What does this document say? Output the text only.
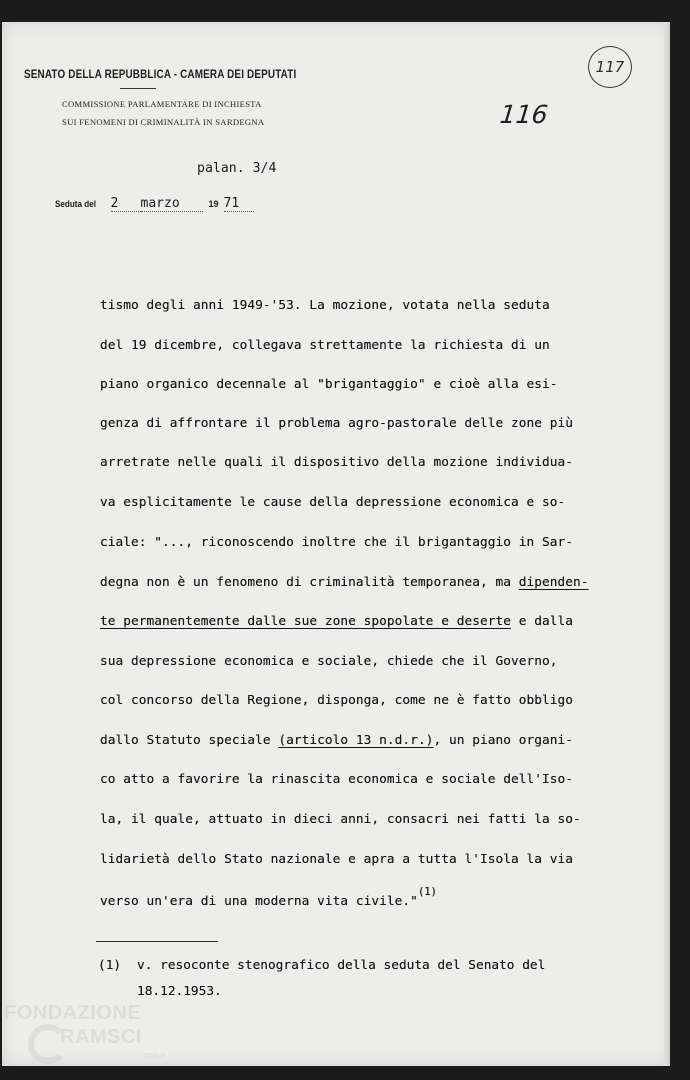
SENATO DELLA REPUBBLICA - CAMERA DEI DEPUTATI
COMMISSIONE PARLAMENTARE DI INCHIESTA
SUI FENOMENI DI CRIMINALITÀ IN SARDEGNA
117
116
palan. 3/4
Seduta del 2	marzo	19 71
tismo degli anni 1949-'53. La mozione, votata nella seduta
del 19 dicembre, collegava strettamente la richiesta di un
piano organico decennale al "brigantaggio" e cioè alla esi-
genza di affrontare il problema agro-pastorale delle zone più
arretrate nelle quali il dispositivo della mozione individua-
va esplicitamente le cause della depressione economica e so-
ciale: "..., riconoscendo inoltre che il brigantaggio in Sar-
degna non è un fenomeno di criminalità temporanea, ma dipenden-
te permanentemente dalle sue zone spopolate e deserte e dalla
sua depressione economica e sociale, chiede che il Governo,
col concorso della Regione, disponga, come ne è fatto obbligo
dallo Statuto speciale (articolo 13 n.d.r.), un piano organi-
co atto a favorire la rinascita economica e sociale dell'Iso-
la, il quale, attuato in dieci anni, consacri nei fatti la so-
lidarietà dello Stato nazionale e apra a tutta l'Isola la via
verso un'era di una moderna vita civile."$^{(1)}$
(1) v. resoconte stenografico della seduta del Senato del
18.12.1953.
FONDAZIONE
RAMSCI
onlus
